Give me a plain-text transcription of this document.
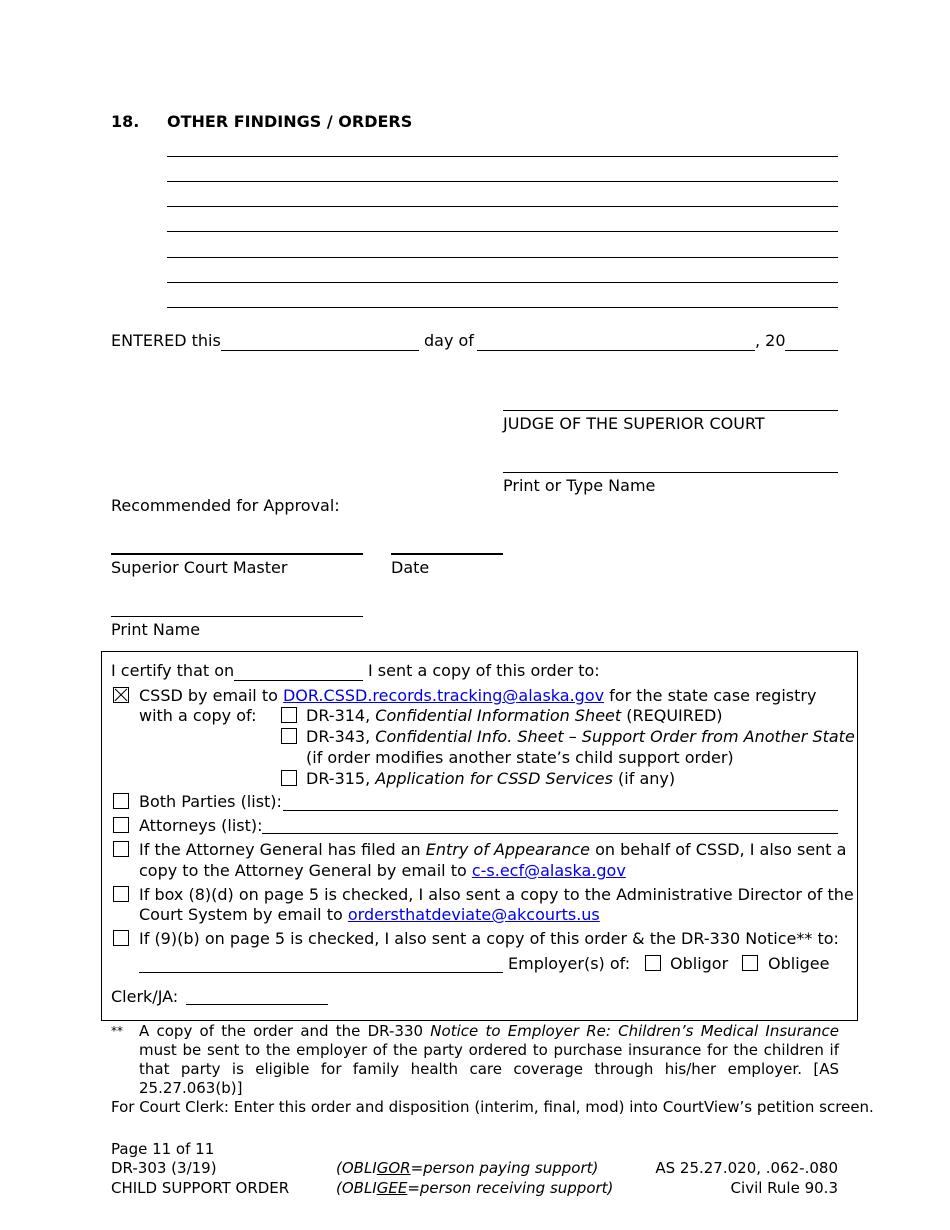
18. OTHER FINDINGS / ORDERS
ENTERED this	day of	, 20
JUDGE OF THE SUPERIOR COURT
Print or Type Name
Recommended for Approval:
Superior Court Master	Date
Print Name
I certify that on	I sent a copy of this order to:
CSSD by email to DOR.CSSD.records.tracking@alaska.gov for the state case registry
with a copy of:	DR-314, Confidential Information Sheet (REQUIRED)
DR-343, Confidential Info. Sheet – Support Order from Another State
(if order modifies another state’s child support order)
DR-315, Application for CSSD Services (if any)
Both Parties (list):
Attorneys (list):
If the Attorney General has filed an Entry of Appearance on behalf of CSSD, I also sent a
copy to the Attorney General by email to c-s.ecf@alaska.gov
If box (8)(d) on page 5 is checked, I also sent a copy to the Administrative Director of the
Court System by email to ordersthatdeviate@akcourts.us
If (9)(b) on page 5 is checked, I also sent a copy of this order & the DR-330 Notice** to:
Employer(s) of: Obligor Obligee
Clerk/JA:
** A copy of the order and the DR-330 Notice to Employer Re: Children’s Medical Insurance must be sent to the employer of the party ordered to purchase insurance for the children if that party is eligible for family health care coverage through his/her employer. [AS 25.27.063(b)]
For Court Clerk: Enter this order and disposition (interim, final, mod) into CourtView’s petition screen.
Page 11 of 11
DR-303 (3/19)
CHILD SUPPORT ORDER
(OBLIGOR=person paying support)
(OBLIGEE=person receiving support)
AS 25.27.020, .062-.080
Civil Rule 90.3
